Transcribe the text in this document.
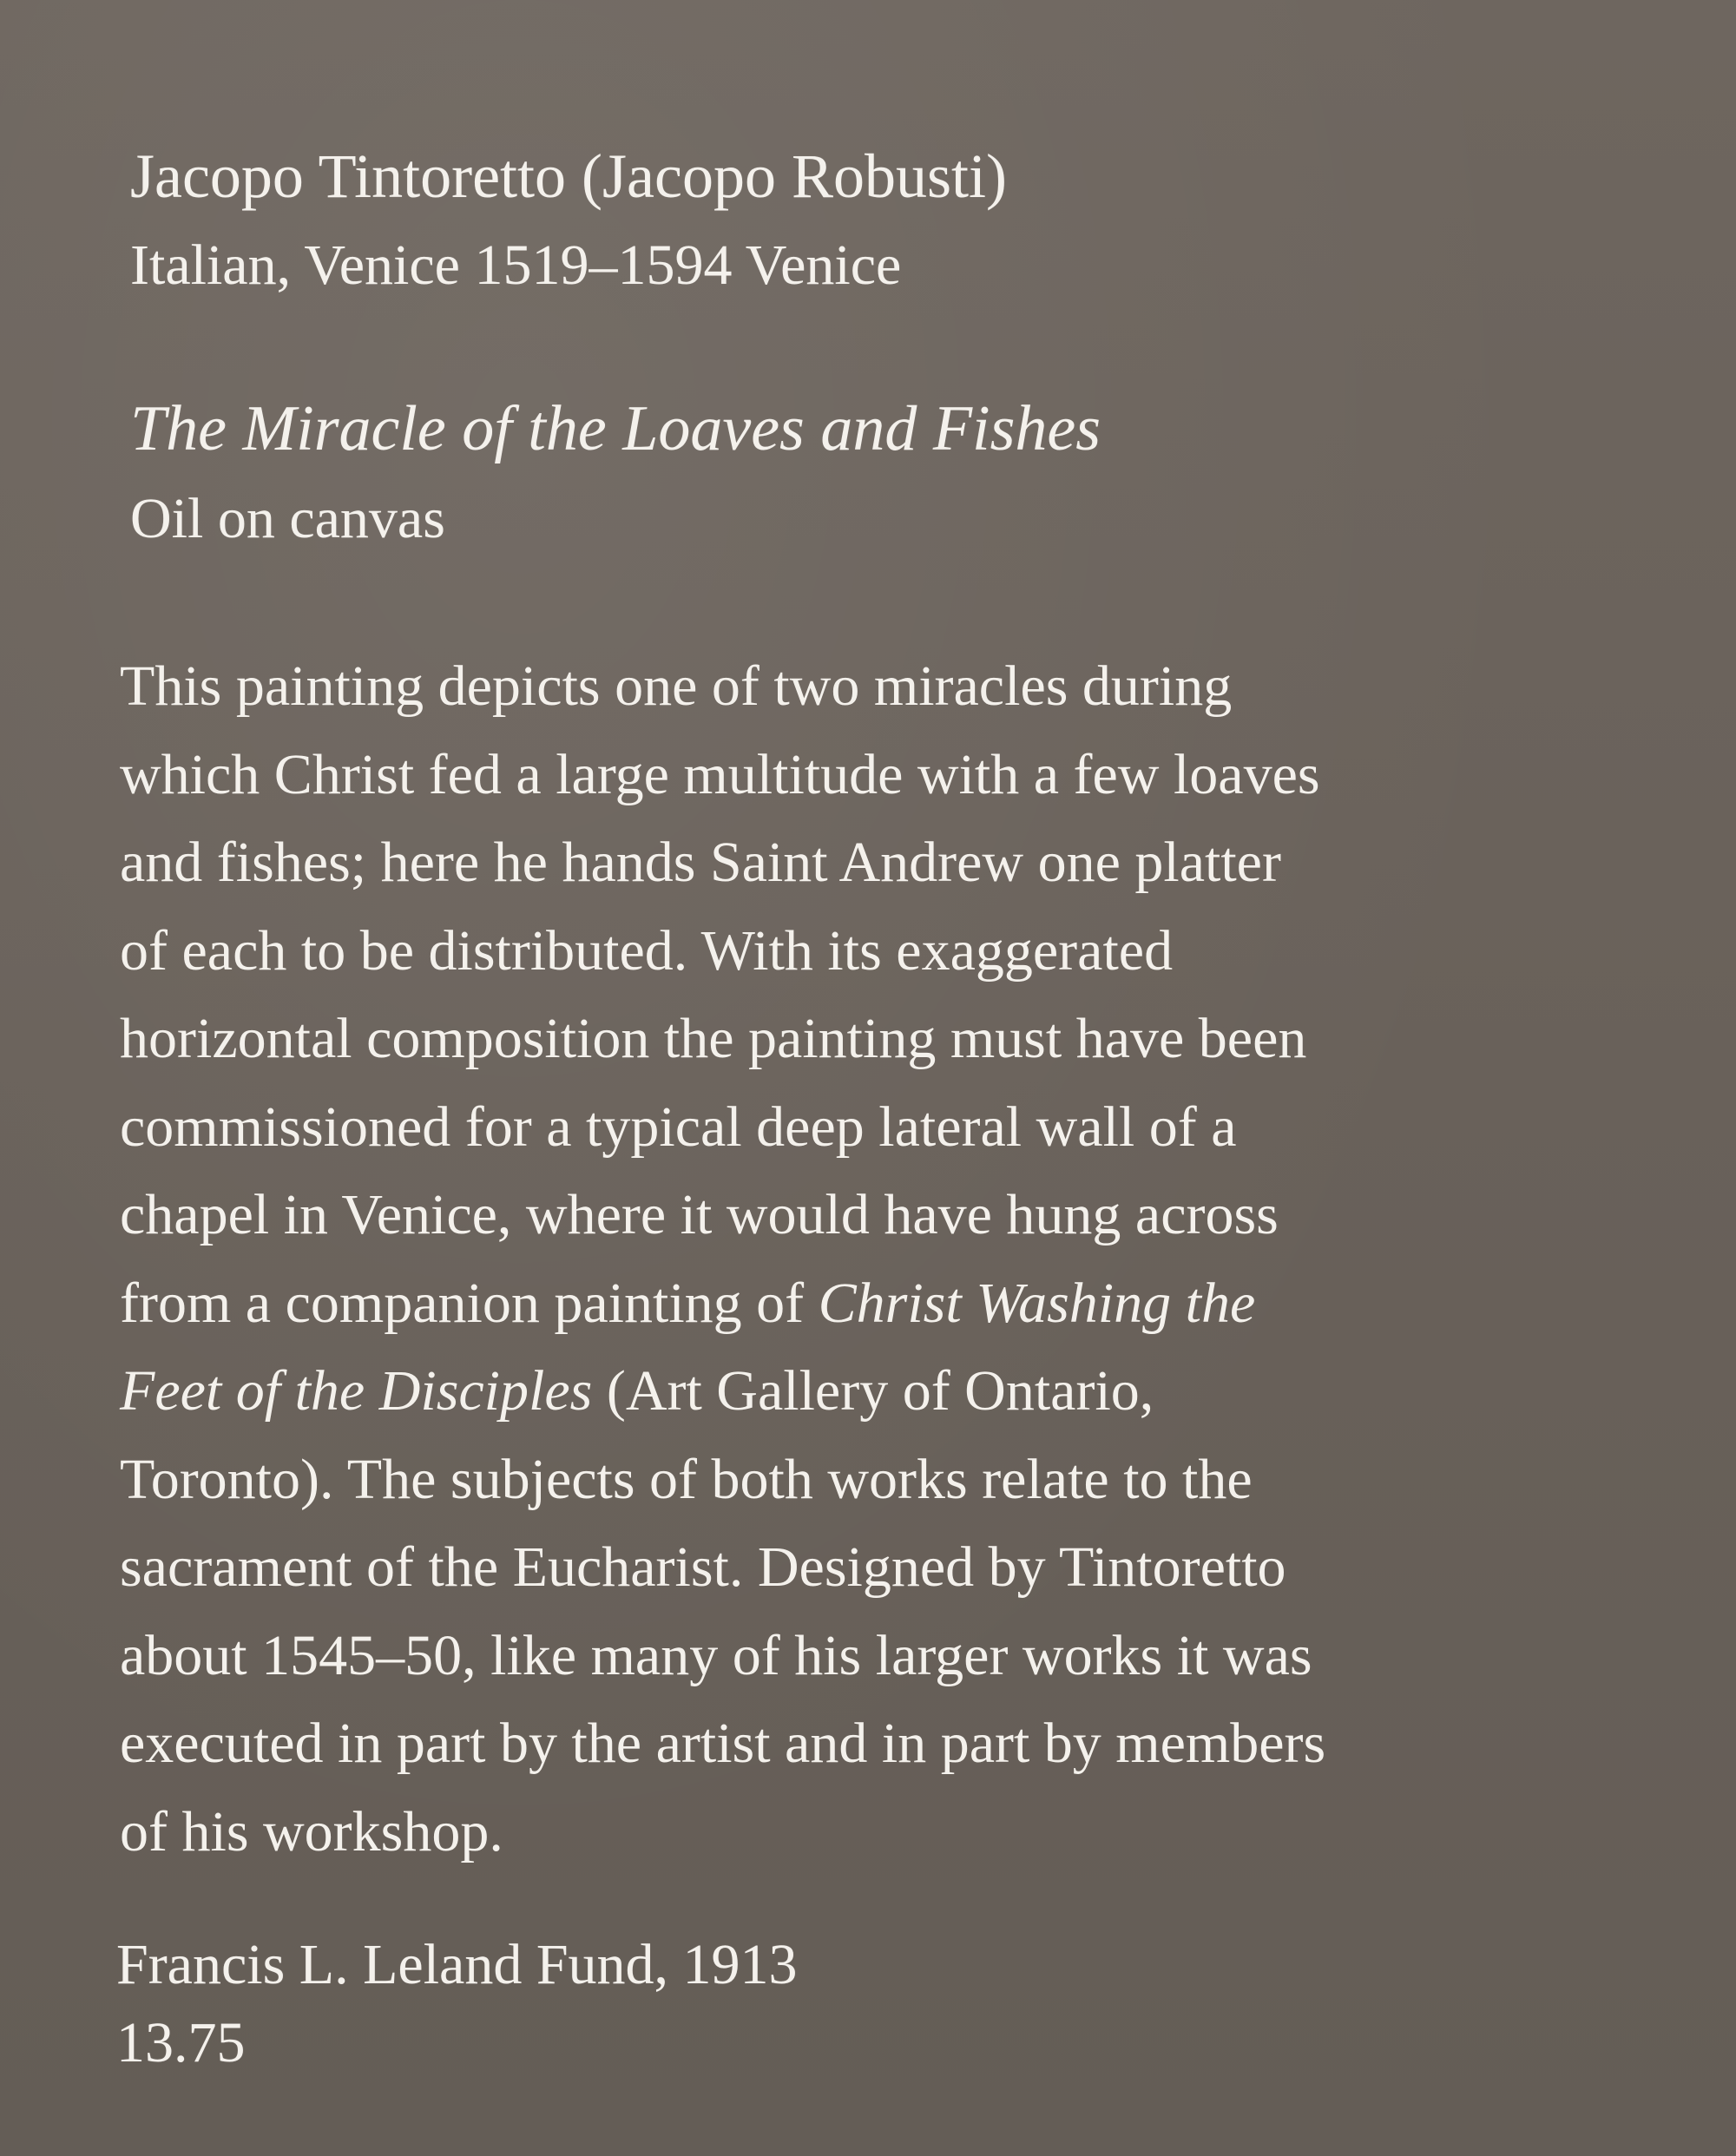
Jacopo Tintoretto (Jacopo Robusti)
Italian, Venice 1519–1594 Venice
The Miracle of the Loaves and Fishes
Oil on canvas
This painting depicts one of two miracles during
which Christ fed a large multitude with a few loaves
and fishes; here he hands Saint Andrew one platter
of each to be distributed. With its exaggerated
horizontal composition the painting must have been
commissioned for a typical deep lateral wall of a
chapel in Venice, where it would have hung across
from a companion painting of Christ Washing the
Feet of the Disciples (Art Gallery of Ontario,
Toronto). The subjects of both works relate to the
sacrament of the Eucharist. Designed by Tintoretto
about 1545–50, like many of his larger works it was
executed in part by the artist and in part by members
of his workshop.
Francis L. Leland Fund, 1913
13.75
